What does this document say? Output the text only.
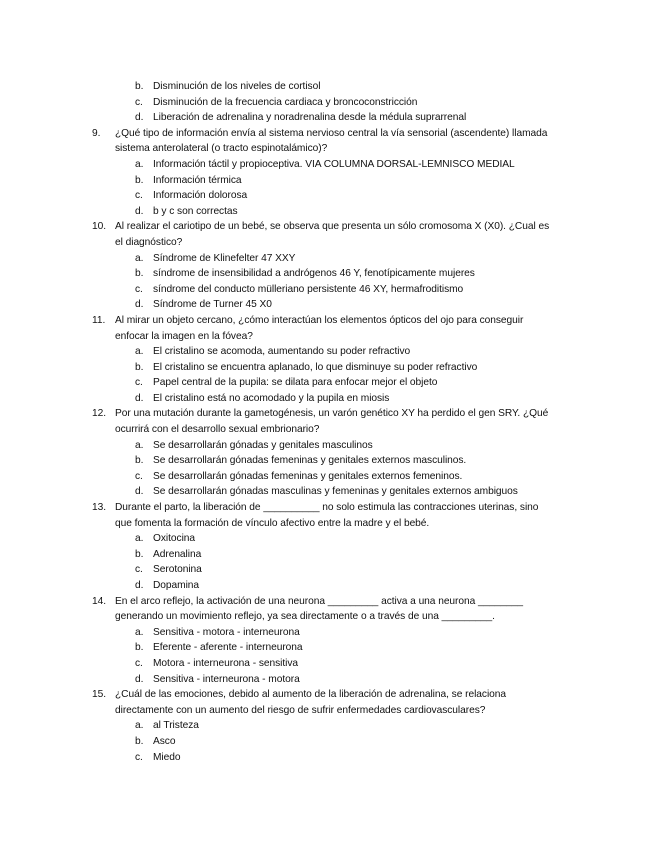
b. Disminución de los niveles de cortisol
c. Disminución de la frecuencia cardiaca y broncoconstricción
d. Liberación de adrenalina y noradrenalina desde la médula suprarrenal
9.	¿Qué tipo de información envía al sistema nervioso central la vía sensorial (ascendente) llamada
sistema anterolateral (o tracto espinotalámico)?
a. Información táctil y propioceptiva. VIA COLUMNA DORSAL-LEMNISCO MEDIAL
b. Información térmica
c. Información dolorosa
d. b y c son correctas
10. Al realizar el cariotipo de un bebé, se observa que presenta un sólo cromosoma X (X0). ¿Cual es
el diagnóstico?
a. Síndrome de Klinefelter 47 XXY
b. síndrome de insensibilidad a andrógenos 46 Y, fenotípicamente mujeres
c. síndrome del conducto mülleriano persistente 46 XY, hermafroditismo
d. Síndrome de Turner 45 X0
11. Al mirar un objeto cercano, ¿cómo interactúan los elementos ópticos del ojo para conseguir
enfocar la imagen en la fóvea?
a. El cristalino se acomoda, aumentando su poder refractivo
b. El cristalino se encuentra aplanado, lo que disminuye su poder refractivo
c. Papel central de la pupila: se dilata para enfocar mejor el objeto
d. El cristalino está no acomodado y la pupila en miosis
12. Por una mutación durante la gametogénesis, un varón genético XY ha perdido el gen SRY. ¿Qué
ocurrirá con el desarrollo sexual embrionario?
a. Se desarrollarán gónadas y genitales masculinos
b. Se desarrollarán gónadas femeninas y genitales externos masculinos.
c. Se desarrollarán gónadas femeninas y genitales externos femeninos.
d. Se desarrollarán gónadas masculinas y femeninas y genitales externos ambiguos
13. Durante el parto, la liberación de __________ no solo estimula las contracciones uterinas, sino
que fomenta la formación de vínculo afectivo entre la madre y el bebé.
a. Oxitocina
b. Adrenalina
c. Serotonina
d. Dopamina
14. En el arco reflejo, la activación de una neurona _________ activa a una neurona ________
generando un movimiento reflejo, ya sea directamente o a través de una _________.
a. Sensitiva - motora - interneurona
b. Eferente - aferente - interneurona
c. Motora - interneurona - sensitiva
d. Sensitiva - interneurona - motora
15. ¿Cuál de las emociones, debido al aumento de la liberación de adrenalina, se relaciona
directamente con un aumento del riesgo de sufrir enfermedades cardiovasculares?
a. al Tristeza
b. Asco
c. Miedo
